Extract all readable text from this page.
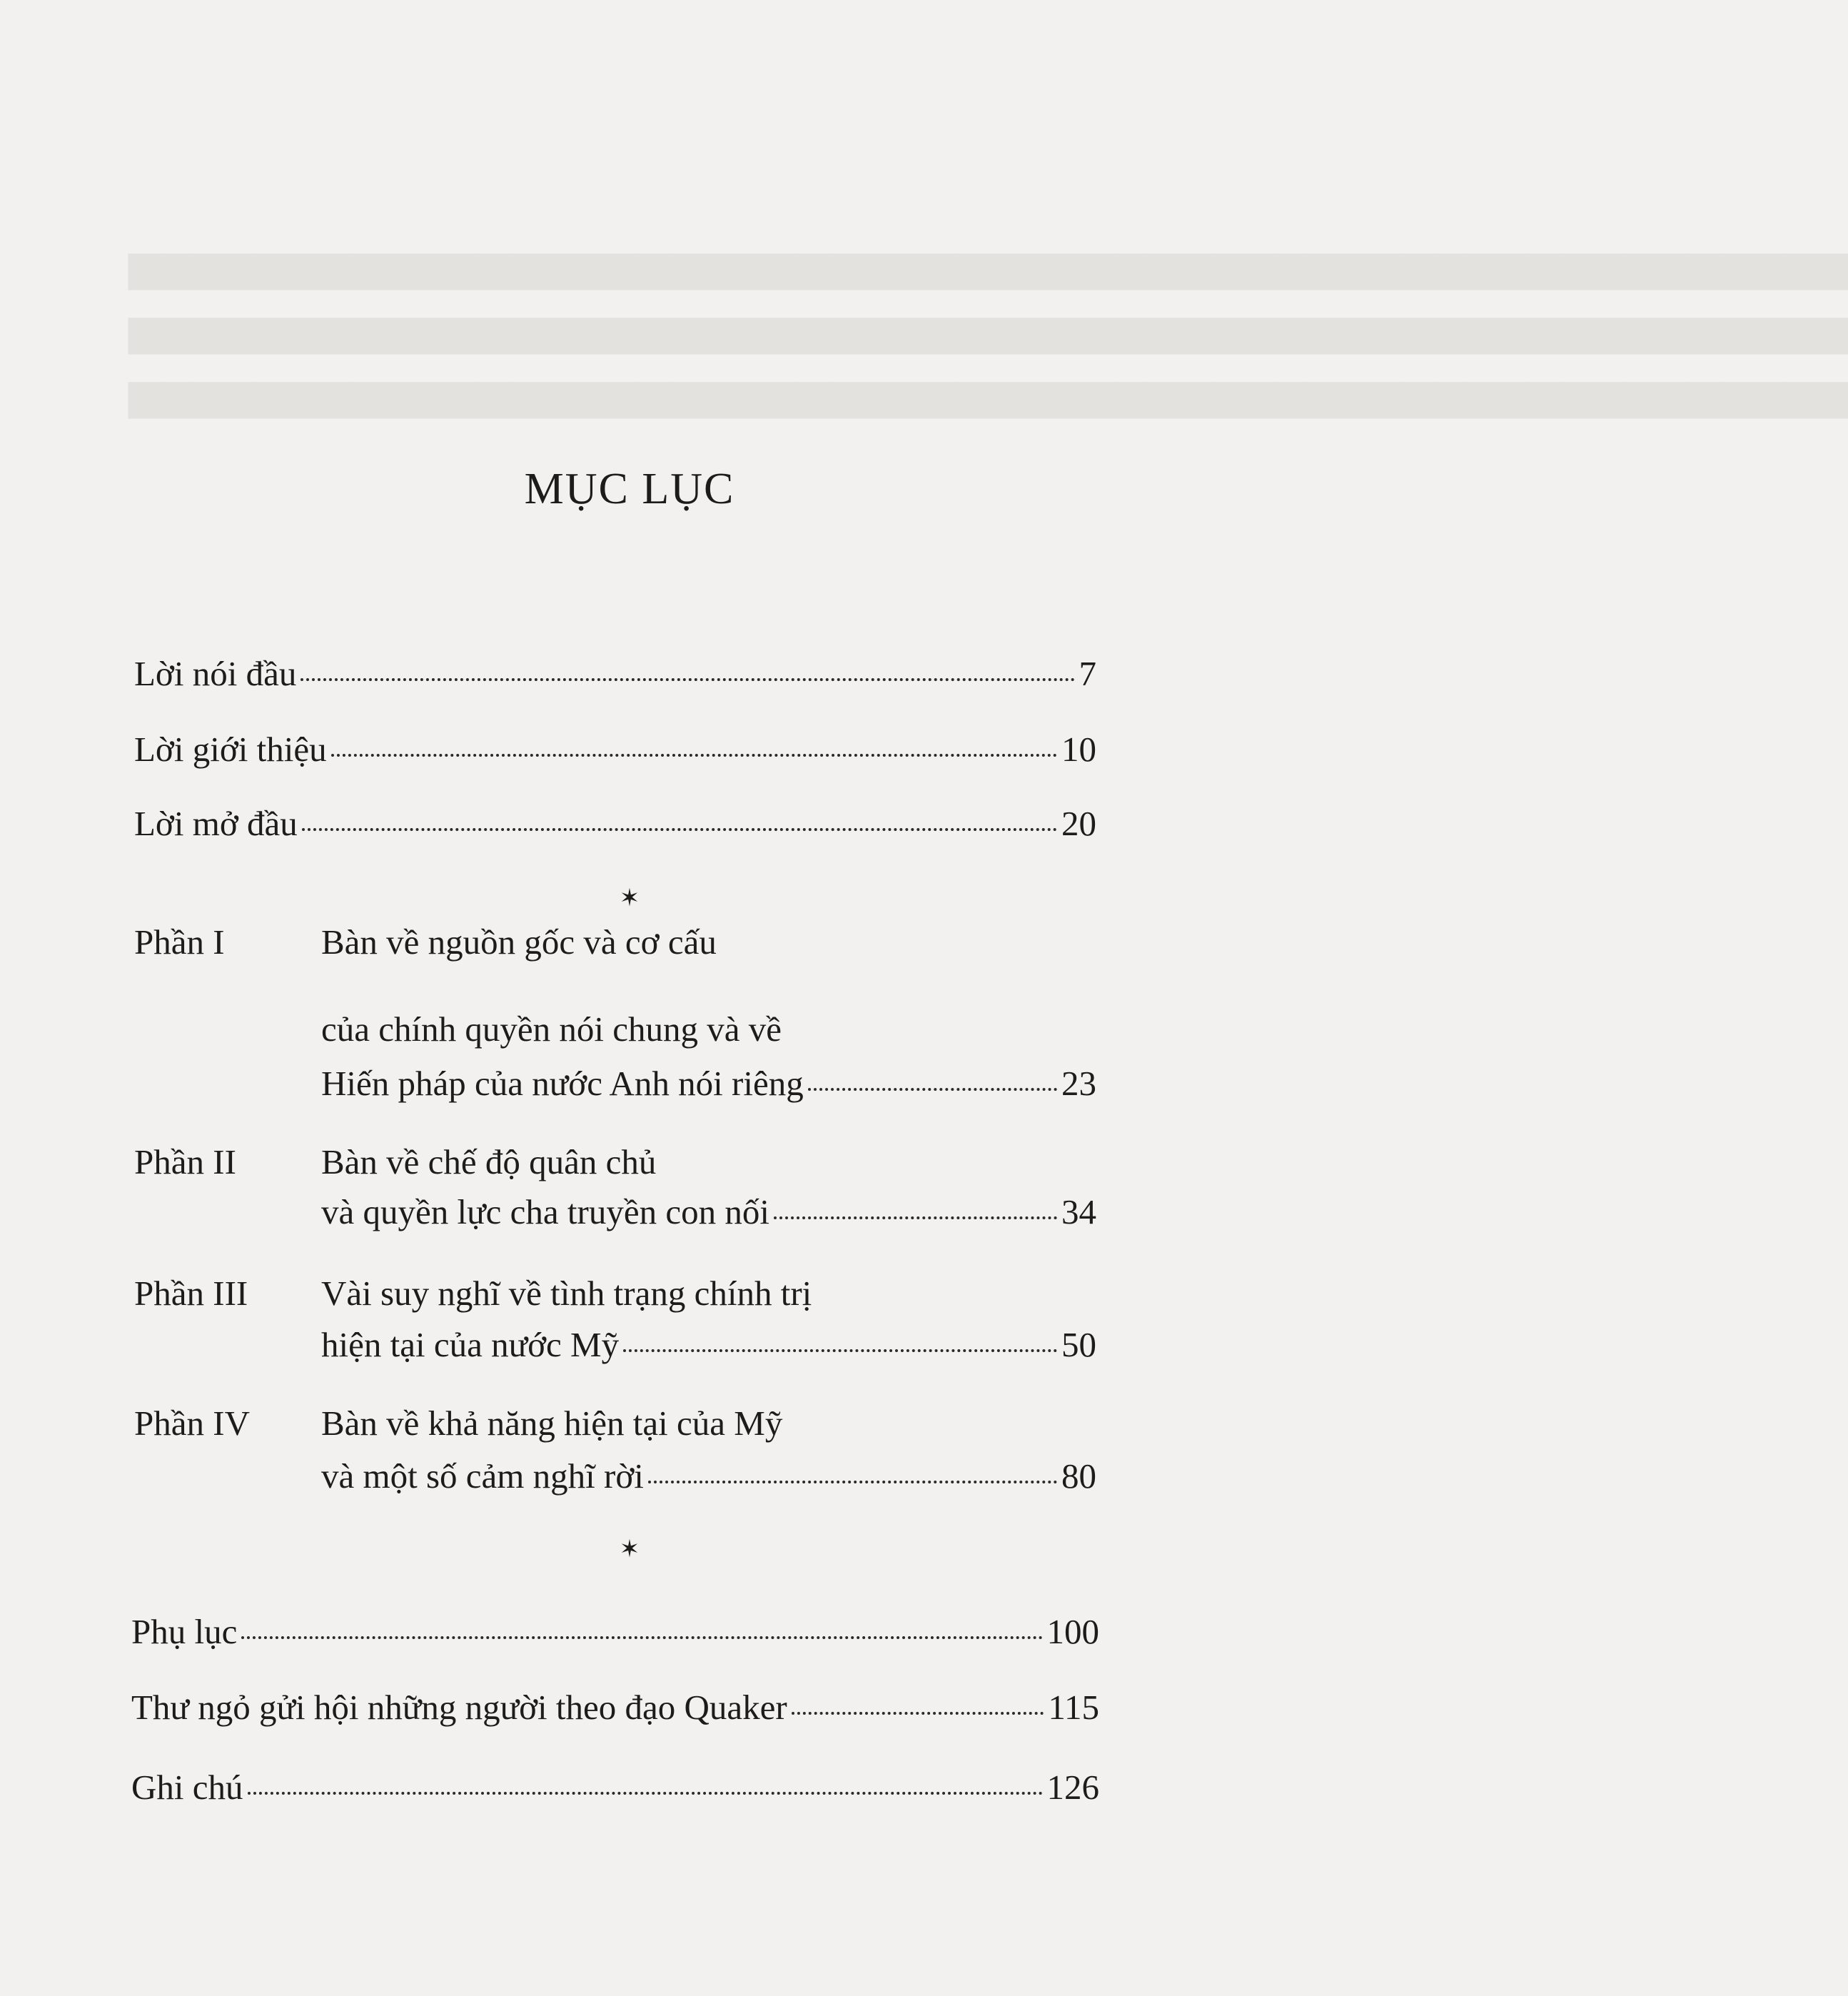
▆▆▆▆▆▆▆▆▆▆▆▆▆▆▆▆▆▆▆▆▆▆▆▆▆▆▆▆▆▆▆▆▆▆▆▆▆▆▆▆▆▆▆▆▆▆▆▆▆▆▆▆▆▆
▆▆▆▆▆▆▆▆▆▆▆▆▆▆▆▆▆▆▆▆▆▆▆▆▆▆▆▆▆▆▆▆▆▆▆▆▆▆▆▆▆▆▆▆▆▆▆▆▆▆▆▆▆▆
▆▆▆▆▆▆▆▆▆▆▆▆▆▆▆▆▆▆▆▆▆▆▆▆▆▆▆▆▆▆▆▆▆▆▆▆▆▆▆▆▆▆▆▆▆▆▆▆▆▆▆▆▆▆
MỤC LỤC
Lời nói đầu	7
Lời giới thiệu	10
Lời mở đầu	20
✶
Phần I	Bàn về nguồn gốc và cơ cấu
của chính quyền nói chung và về
Hiến pháp của nước Anh nói riêng	23
Phần II Bàn về chế độ quân chủ
và quyền lực cha truyền con nối	34
Phần III Vài suy nghĩ về tình trạng chính trị
hiện tại của nước Mỹ	50
Phần IV Bàn về khả năng hiện tại của Mỹ
và một số cảm nghĩ rời	80
✶
Phụ lục	100
Thư ngỏ gửi hội những người theo đạo Quaker	115
Ghi chú	126
